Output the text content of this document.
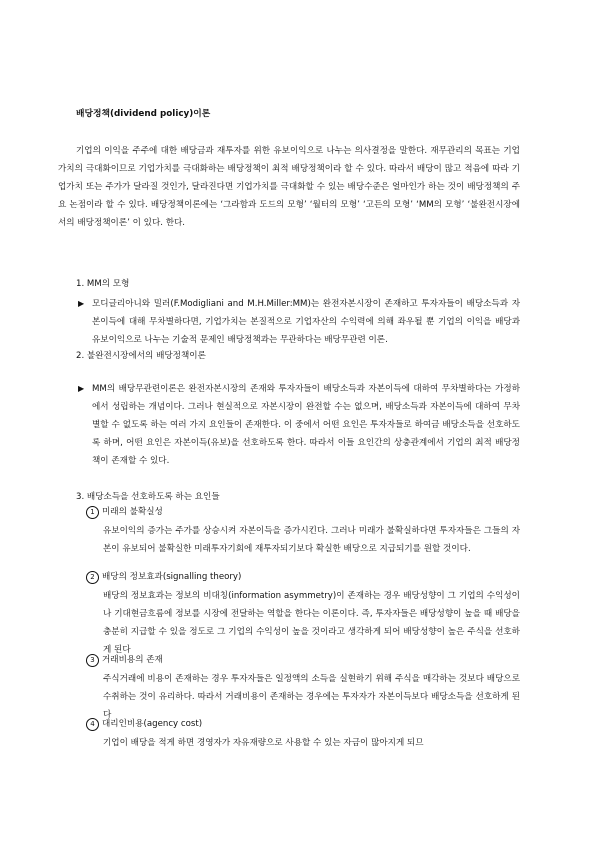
배당정책(dividend policy)이론

기업의 이익을 주주에 대한 배당금과 재투자를 위한 유보이익으로 나누는 의사결정을 말한다. 재무관리의 목표는 기업가치의 극대화이므로 기업가치를 극대화하는 배당정책이 최적 배당정책이라 할 수 있다. 따라서 배당이 많고 적음에 따라 기업가치 또는 주가가 달라질 것인가, 달라진다면 기업가치를 극대화할 수 있는 배당수준은 얼마인가 하는 것이 배당정책의 주요 논점이라 할 수 있다. 배당정책이론에는 ‘그라함과 도드의 모형’ ‘월터의 모형’ ‘고든의 모형’ ‘MM의 모형’ ‘불완전시장에서의 배당정책이론’ 이 있다. 한다.

1. MM의 모형
▶ 모디글리아니와 밀러(F.Modigliani and M.H.Miller:MM)는 완전자본시장이 존재하고 투자자들이 배당소득과 자본이득에 대해 무차별하다면, 기업가치는 본질적으로 기업자산의 수익력에 의해 좌우될 뿐 기업의 이익을 배당과 유보이익으로 나누는 기술적 문제인 배당정책과는 무관하다는 배당무관련 이론.

2. 불완전시장에서의 배당정책이론
▶ MM의 배당무관련이론은 완전자본시장의 존재와 투자자들이 배당소득과 자본이득에 대하여 무차별하다는 가정하에서 성립하는 개념이다. 그러나 현실적으로 자본시장이 완전할 수는 없으며, 배당소득과 자본이득에 대하여 무차별할 수 없도록 하는 여러 가지 요인들이 존재한다. 이 중에서 어떤 요인은 투자자들로 하여금 배당소득을 선호하도록 하며, 어떤 요인은 자본이득(유보)을 선호하도록 한다. 따라서 이들 요인간의 상충관계에서 기업의 최적 배당정책이 존재할 수 있다.

3. 배당소득을 선호하도록 하는 요인들
1 미래의 불확실성

유보이익의 증가는 주가를 상승시켜 자본이득을 증가시킨다. 그러나 미래가 불확실하다면 투자자들은 그들의 자본이 유보되어 불확실한 미래투자기회에 재투자되기보다 확실한 배당으로 지급되기를 원할 것이다.

2 배당의 정보효과(signalling theory)

배당의 정보효과는 정보의 비대칭(information asymmetry)이 존재하는 경우 배당성향이 그 기업의 수익성이나 기대현금흐름에 정보를 시장에 전달하는 역할을 한다는 이론이다. 즉, 투자자들은 배당성향이 높을 때 배당을 충분히 지급할 수 있을 정도로 그 기업의 수익성이 높을 것이라고 생각하게 되어 배당성향이 높은 주식을 선호하게 된다

3 거래비용의 존재

주식거래에 비용이 존재하는 경우 투자자들은 일정액의 소득을 실현하기 위해 주식을 매각하는 것보다 배당으로 수취하는 것이 유리하다. 따라서 거래비용이 존재하는 경우에는 투자자가 자본이득보다 배당소득을 선호하게 된다

4 대리인비용(agency cost)

기업이 배당을 적게 하면 경영자가 자유재량으로 사용할 수 있는 자금이 많아지게 되므
